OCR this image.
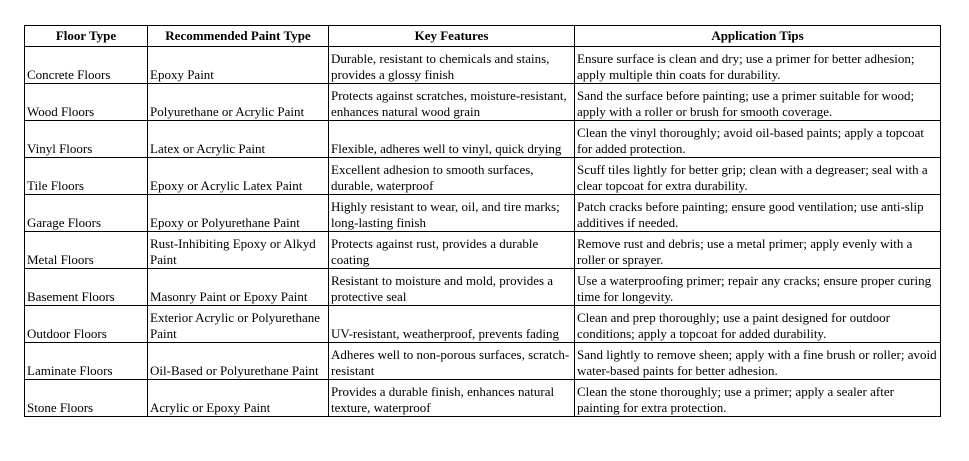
Floor Type	Recommended Paint Type	Key Features	Application Tips
Concrete Floors	Epoxy Paint	Durable, resistant to chemicals and stains, provides a glossy finish	Ensure surface is clean and dry; use a primer for better adhesion; apply multiple thin coats for durability.
Wood Floors	Polyurethane or Acrylic Paint	Protects against scratches, moisture-resistant, enhances natural wood grain	Sand the surface before painting; use a primer suitable for wood; apply with a roller or brush for smooth coverage.
Vinyl Floors	Latex or Acrylic Paint	Flexible, adheres well to vinyl, quick drying	Clean the vinyl thoroughly; avoid oil-based paints; apply a topcoat for added protection.
Tile Floors	Epoxy or Acrylic Latex Paint	Excellent adhesion to smooth surfaces, durable, waterproof	Scuff tiles lightly for better grip; clean with a degreaser; seal with a clear topcoat for extra durability.
Garage Floors	Epoxy or Polyurethane Paint	Highly resistant to wear, oil, and tire marks; long-lasting finish	Patch cracks before painting; ensure good ventilation; use anti-slip additives if needed.
Metal Floors	Rust-Inhibiting Epoxy or Alkyd Paint	Protects against rust, provides a durable coating	Remove rust and debris; use a metal primer; apply evenly with a roller or sprayer.
Basement Floors	Masonry Paint or Epoxy Paint	Resistant to moisture and mold, provides a protective seal	Use a waterproofing primer; repair any cracks; ensure proper curing time for longevity.
Outdoor Floors	Exterior Acrylic or Polyurethane Paint	UV-resistant, weatherproof, prevents fading	Clean and prep thoroughly; use a paint designed for outdoor conditions; apply a topcoat for added durability.
Laminate Floors	Oil-Based or Polyurethane Paint	Adheres well to non-porous surfaces, scratch-resistant	Sand lightly to remove sheen; apply with a fine brush or roller; avoid water-based paints for better adhesion.
Stone Floors	Acrylic or Epoxy Paint	Provides a durable finish, enhances natural texture, waterproof	Clean the stone thoroughly; use a primer; apply a sealer after painting for extra protection.
